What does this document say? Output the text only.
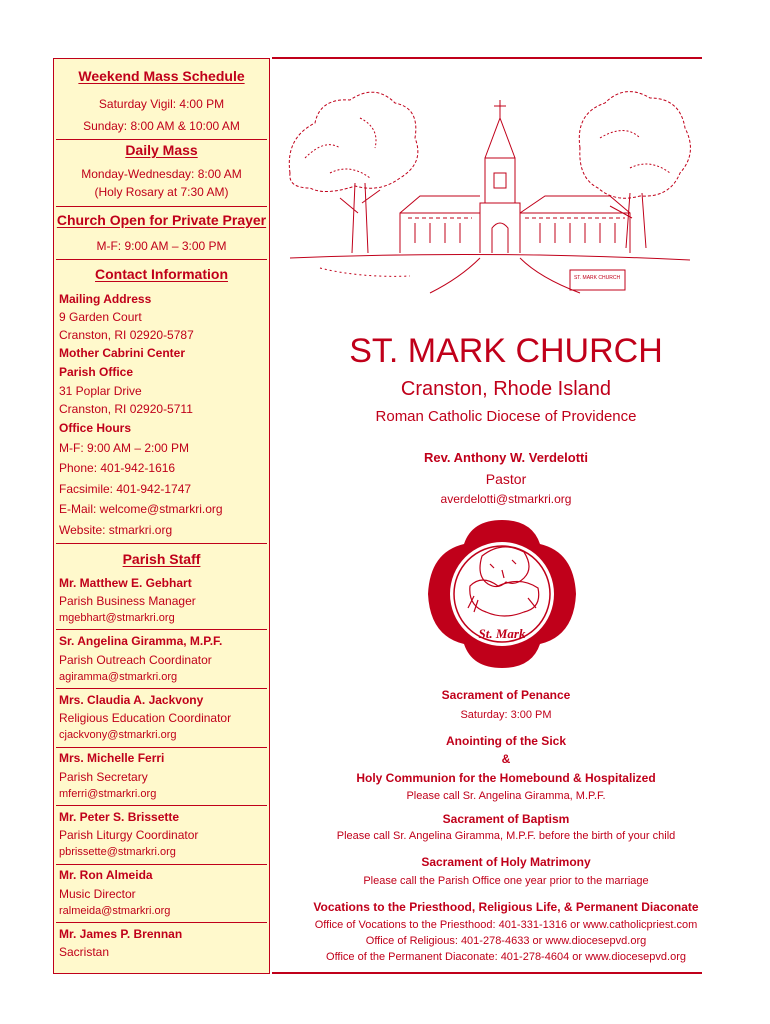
Weekend Mass Schedule
Saturday Vigil: 4:00 PM
Sunday: 8:00 AM & 10:00 AM
Daily Mass
Monday-Wednesday: 8:00 AM
(Holy Rosary at 7:30 AM)
Church Open for Private Prayer
M-F: 9:00 AM – 3:00 PM
Contact Information
Mailing Address
9 Garden Court
Cranston, RI 02920-5787
Mother Cabrini Center
Parish Office
31 Poplar Drive
Cranston, RI 02920-5711
Office Hours
M-F: 9:00 AM – 2:00 PM
Phone: 401-942-1616
Facsimile: 401-942-1747
E-Mail: welcome@stmarkri.org
Website: stmarkri.org
Parish Staff
Mr. Matthew E. Gebhart
Parish Business Manager
mgebhart@stmarkri.org
Sr. Angelina Giramma, M.P.F.
Parish Outreach Coordinator
agiramma@stmarkri.org
Mrs. Claudia A. Jackvony
Religious Education Coordinator
cjackvony@stmarkri.org
Mrs. Michelle Ferri
Parish Secretary
mferri@stmarkri.org
Mr. Peter S. Brissette
Parish Liturgy Coordinator
pbrissette@stmarkri.org
Mr. Ron Almeida
Music Director
ralmeida@stmarkri.org
Mr. James P. Brennan
Sacristan
ST. MARK CHURCH
ST. MARK CHURCH
Cranston, Rhode Island
Roman Catholic Diocese of Providence
Rev. Anthony W. Verdelotti
Pastor
averdelotti@stmarkri.org
St. Mark
Sacrament of Penance
Saturday: 3:00 PM
Anointing of the Sick
&
Holy Communion for the Homebound & Hospitalized
Please call Sr. Angelina Giramma, M.P.F.
Sacrament of Baptism
Please call Sr. Angelina Giramma, M.P.F. before the birth of your child
Sacrament of Holy Matrimony
Please call the Parish Office one year prior to the marriage
Vocations to the Priesthood, Religious Life, & Permanent Diaconate
Office of Vocations to the Priesthood: 401-331-1316 or www.catholicpriest.com
Office of Religious: 401-278-4633 or www.diocesepvd.org
Office of the Permanent Diaconate: 401-278-4604 or www.diocesepvd.org
